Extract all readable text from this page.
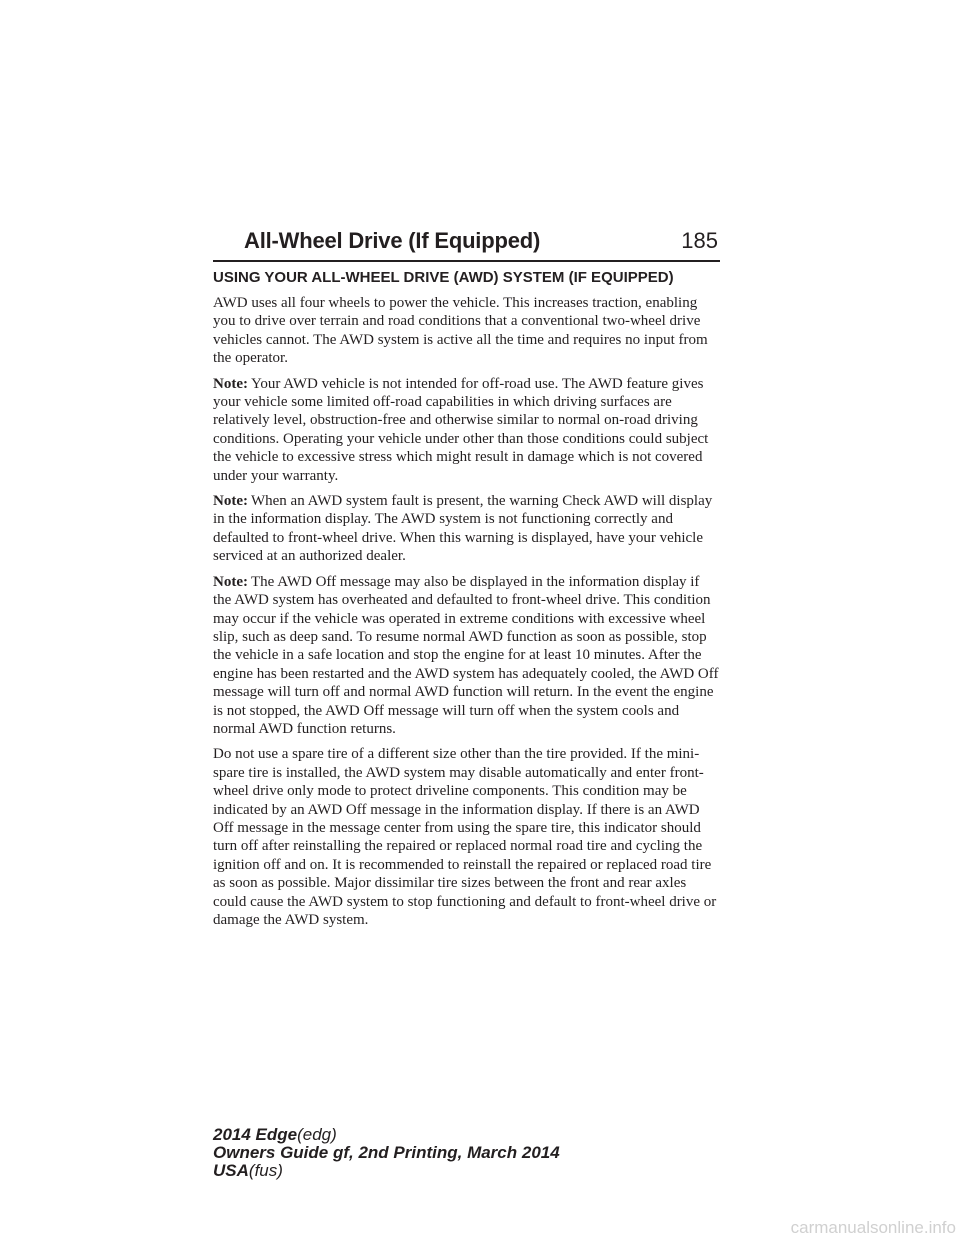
All-Wheel Drive (If Equipped)	185
USING YOUR ALL-WHEEL DRIVE (AWD) SYSTEM (IF EQUIPPED)

AWD uses all four wheels to power the vehicle. This increases traction, enabling you to drive over terrain and road conditions that a conventional two-wheel drive vehicles cannot. The AWD system is active all the time and requires no input from the operator.

Note: Your AWD vehicle is not intended for off-road use. The AWD feature gives your vehicle some limited off-road capabilities in which driving surfaces are relatively level, obstruction-free and otherwise similar to normal on-road driving conditions. Operating your vehicle under other than those conditions could subject the vehicle to excessive stress which might result in damage which is not covered under your warranty.

Note: When an AWD system fault is present, the warning Check AWD will display in the information display. The AWD system is not functioning correctly and defaulted to front-wheel drive. When this warning is displayed, have your vehicle serviced at an authorized dealer.

Note: The AWD Off message may also be displayed in the information display if the AWD system has overheated and defaulted to front-wheel drive. This condition may occur if the vehicle was operated in extreme conditions with excessive wheel slip, such as deep sand. To resume normal AWD function as soon as possible, stop the vehicle in a safe location and stop the engine for at least 10 minutes. After the engine has been restarted and the AWD system has adequately cooled, the AWD Off message will turn off and normal AWD function will return. In the event the engine is not stopped, the AWD Off message will turn off when the system cools and normal AWD function returns.

Do not use a spare tire of a different size other than the tire provided. If the mini-spare tire is installed, the AWD system may disable automatically and enter front-wheel drive only mode to protect driveline components. This condition may be indicated by an AWD Off message in the information display. If there is an AWD Off message in the message center from using the spare tire, this indicator should turn off after reinstalling the repaired or replaced normal road tire and cycling the ignition off and on. It is recommended to reinstall the repaired or replaced road tire as soon as possible. Major dissimilar tire sizes between the front and rear axles could cause the AWD system to stop functioning and default to front-wheel drive or damage the AWD system.

2014 Edge(edg)
Owners Guide gf, 2nd Printing, March 2014
USA(fus)
carmanualsonline.info
